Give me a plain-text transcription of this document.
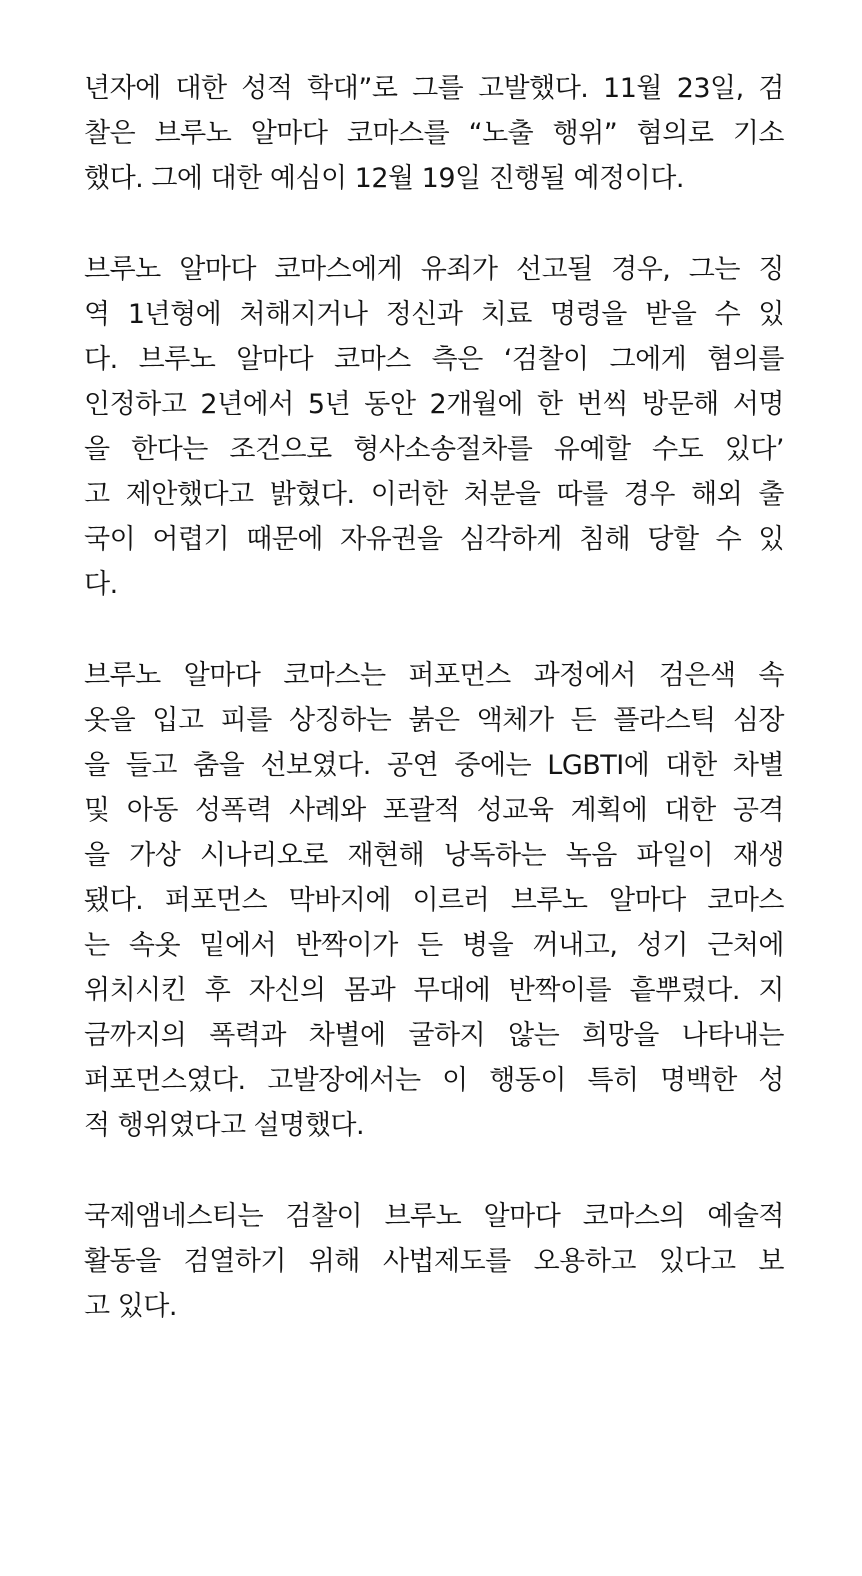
년자에 대한 성적 학대”로 그를 고발했다. 11월 23일, 검
찰은 브루노 알마다 코마스를 “노출 행위” 혐의로 기소
했다. 그에 대한 예심이 12월 19일 진행될 예정이다.
브루노 알마다 코마스에게 유죄가 선고될 경우, 그는 징
역 1년형에 처해지거나 정신과 치료 명령을 받을 수 있
다. 브루노 알마다 코마스 측은 ‘검찰이 그에게 혐의를
인정하고 2년에서 5년 동안 2개월에 한 번씩 방문해 서명
을 한다는 조건으로 형사소송절차를 유예할 수도 있다’
고 제안했다고 밝혔다. 이러한 처분을 따를 경우 해외 출
국이 어렵기 때문에 자유권을 심각하게 침해 당할 수 있
다.
브루노 알마다 코마스는 퍼포먼스 과정에서 검은색 속
옷을 입고 피를 상징하는 붉은 액체가 든 플라스틱 심장
을 들고 춤을 선보였다. 공연 중에는 LGBTI에 대한 차별
및 아동 성폭력 사례와 포괄적 성교육 계획에 대한 공격
을 가상 시나리오로 재현해 낭독하는 녹음 파일이 재생
됐다. 퍼포먼스 막바지에 이르러 브루노 알마다 코마스
는 속옷 밑에서 반짝이가 든 병을 꺼내고, 성기 근처에
위치시킨 후 자신의 몸과 무대에 반짝이를 흩뿌렸다. 지
금까지의 폭력과 차별에 굴하지 않는 희망을 나타내는
퍼포먼스였다. 고발장에서는 이 행동이 특히 명백한 성
적 행위였다고 설명했다.
국제앰네스티는 검찰이 브루노 알마다 코마스의 예술적
활동을 검열하기 위해 사법제도를 오용하고 있다고 보
고 있다.
